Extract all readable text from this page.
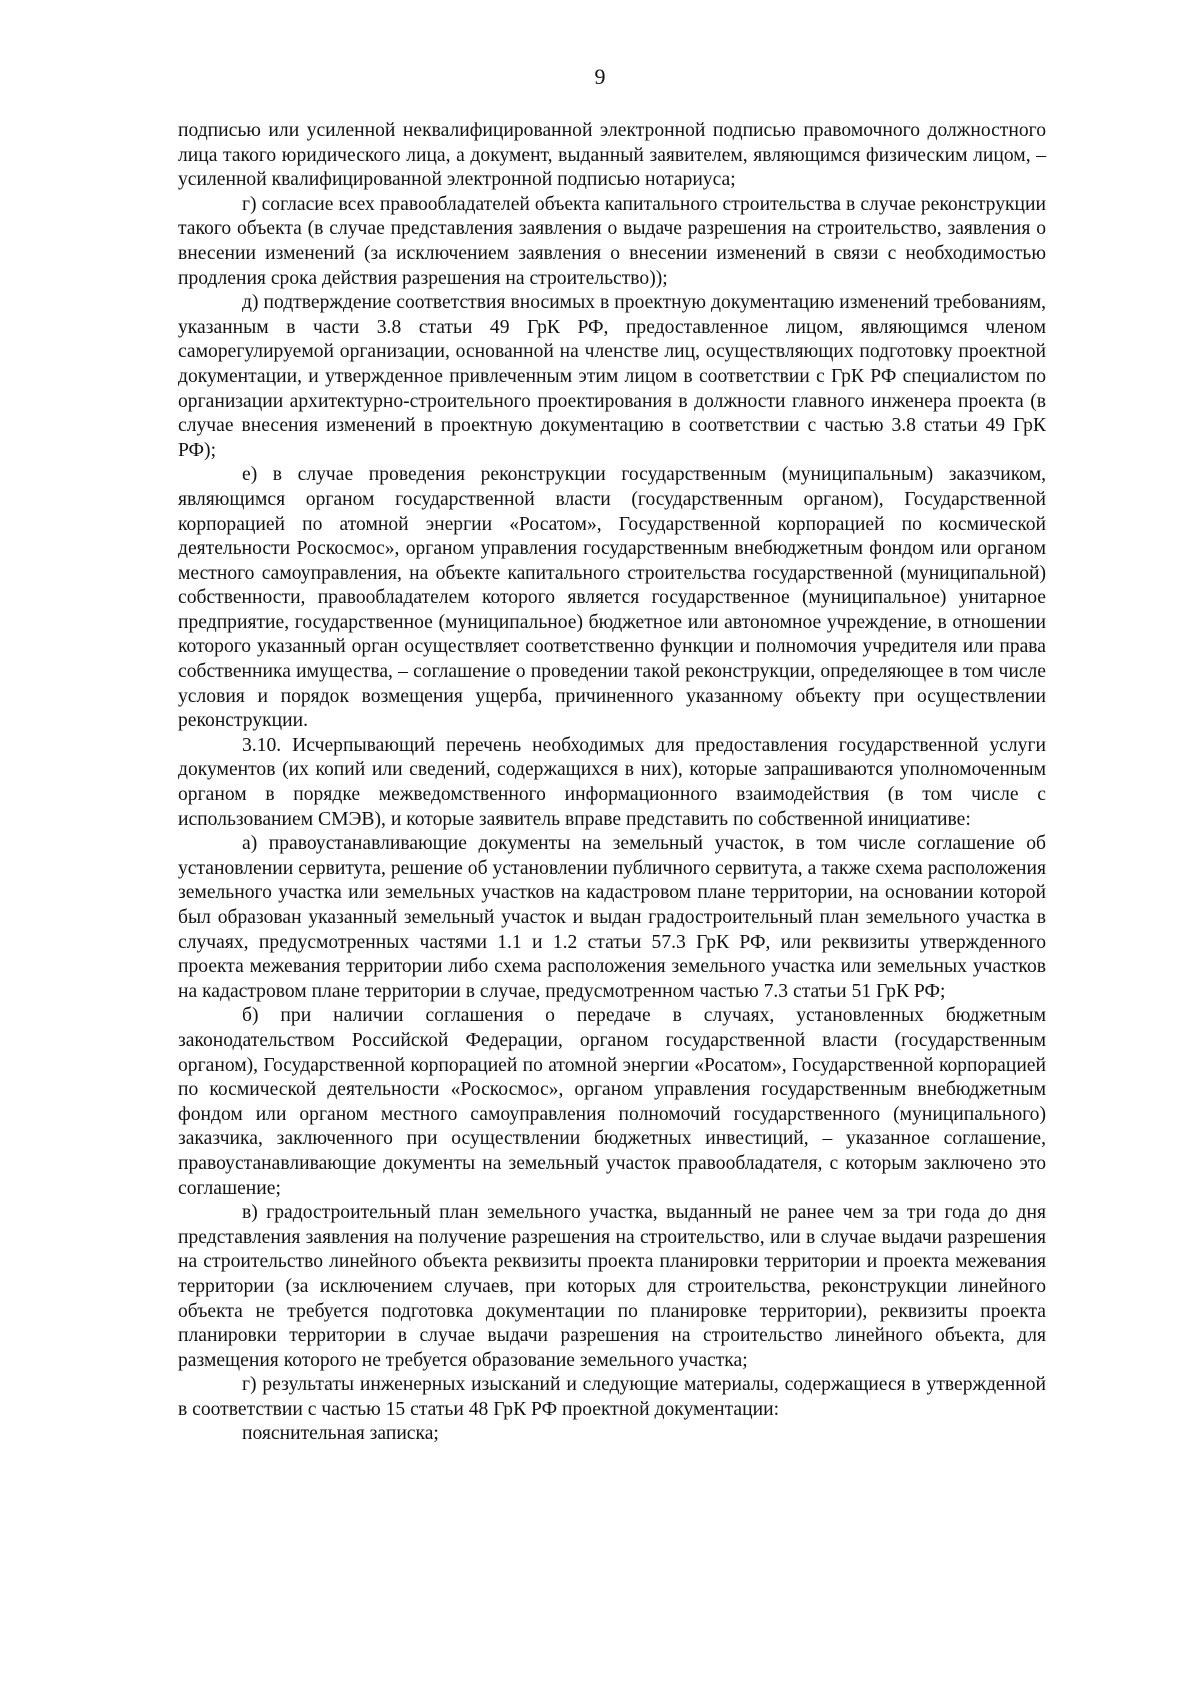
9

подписью или усиленной неквалифицированной электронной подписью правомочного должностного лица такого юридического лица, а документ, выданный заявителем, являющимся физическим лицом, – усиленной квалифицированной электронной подписью нотариуса;

г) согласие всех правообладателей объекта капитального строительства в случае реконструкции такого объекта (в случае представления заявления о выдаче разрешения на строительство, заявления о внесении изменений (за исключением заявления о внесении изменений в связи с необходимостью продления срока действия разрешения на строительство));

д) подтверждение соответствия вносимых в проектную документацию изменений требованиям, указанным в части 3.8 статьи 49 ГрК РФ, предоставленное лицом, являющимся членом саморегулируемой организации, основанной на членстве лиц, осуществляющих подготовку проектной документации, и утвержденное привлеченным этим лицом в соответствии с ГрК РФ специалистом по организации архитектурно-строительного проектирования в должности главного инженера проекта (в случае внесения изменений в проектную документацию в соответствии с частью 3.8 статьи 49 ГрК РФ);

е) в случае проведения реконструкции государственным (муниципальным) заказчиком, являющимся органом государственной власти (государственным органом), Государственной корпорацией по атомной энергии «Росатом», Государственной корпорацией по космической деятельности Роскосмос», органом управления государственным внебюджетным фондом или органом местного самоуправления, на объекте капитального строительства государственной (муниципальной) собственности, правообладателем которого является государственное (муниципальное) унитарное предприятие, государственное (муниципальное) бюджетное или автономное учреждение, в отношении которого указанный орган осуществляет соответственно функции и полномочия учредителя или права собственника имущества, – соглашение о проведении такой реконструкции, определяющее в том числе условия и порядок возмещения ущерба, причиненного указанному объекту при осуществлении реконструкции.

3.10. Исчерпывающий перечень необходимых для предоставления государственной услуги документов (их копий или сведений, содержащихся в них), которые запрашиваются уполномоченным органом в порядке межведомственного информационного взаимодействия (в том числе с использованием СМЭВ), и которые заявитель вправе представить по собственной инициативе:

а) правоустанавливающие документы на земельный участок, в том числе соглашение об установлении сервитута, решение об установлении публичного сервитута, а также схема расположения земельного участка или земельных участков на кадастровом плане территории, на основании которой был образован указанный земельный участок и выдан градостроительный план земельного участка в случаях, предусмотренных частями 1.1 и 1.2 статьи 57.3 ГрК РФ, или реквизиты утвержденного проекта межевания территории либо схема расположения земельного участка или земельных участков на кадастровом плане территории в случае, предусмотренном частью 7.3 статьи 51 ГрК РФ;

б) при наличии соглашения о передаче в случаях, установленных бюджетным законодательством Российской Федерации, органом государственной власти (государственным органом), Государственной корпорацией по атомной энергии «Росатом», Государственной корпорацией по космической деятельности «Роскосмос», органом управления государственным внебюджетным фондом или органом местного самоуправления полномочий государственного (муниципального) заказчика, заключенного при осуществлении бюджетных инвестиций, – указанное соглашение, правоустанавливающие документы на земельный участок правообладателя, с которым заключено это соглашение;

в) градостроительный план земельного участка, выданный не ранее чем за три года до дня представления заявления на получение разрешения на строительство, или в случае выдачи разрешения на строительство линейного объекта реквизиты проекта планировки территории и проекта межевания территории (за исключением случаев, при которых для строительства, реконструкции линейного объекта не требуется подготовка документации по планировке территории), реквизиты проекта планировки территории в случае выдачи разрешения на строительство линейного объекта, для размещения которого не требуется образование земельного участка;

г) результаты инженерных изысканий и следующие материалы, содержащиеся в утвержденной в соответствии с частью 15 статьи 48 ГрК РФ проектной документации:

пояснительная записка;
